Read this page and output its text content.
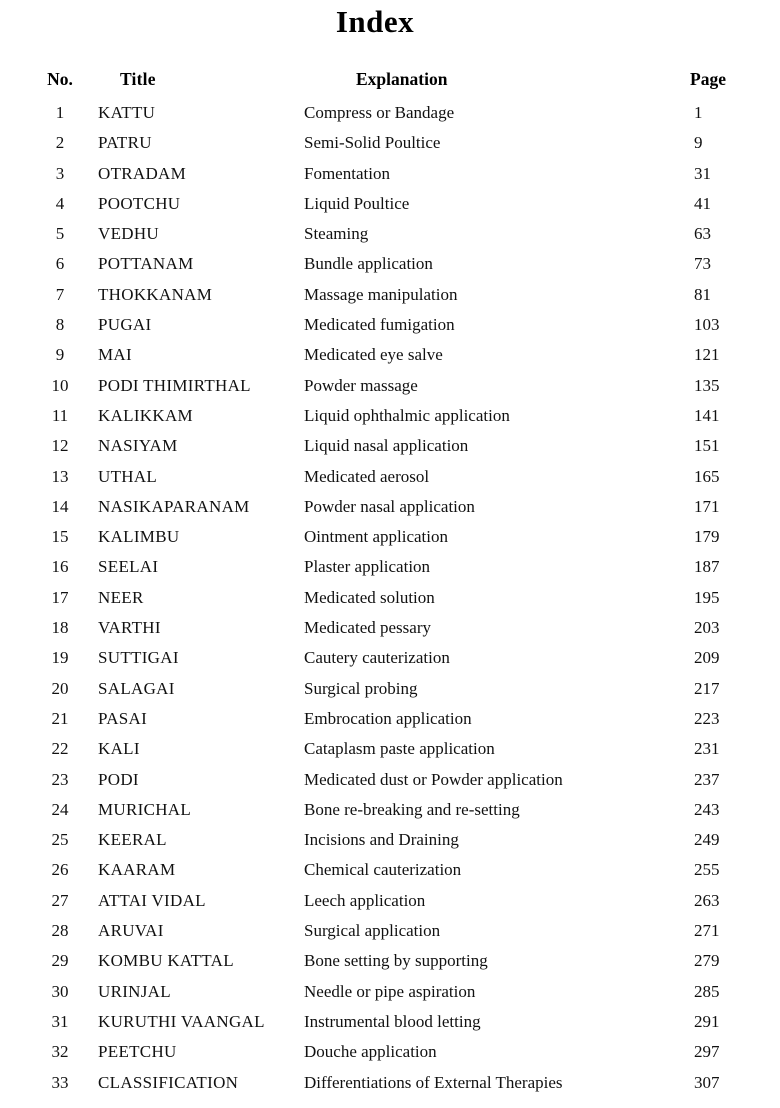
Index
No.	Title	Explanation	Page
1	KATTU	Compress or Bandage	1
2	PATRU	Semi-Solid Poultice	9
3	OTRADAM	Fomentation	31
4	POOTCHU	Liquid Poultice	41
5	VEDHU	Steaming	63
6	POTTANAM	Bundle application	73
7	THOKKANAM	Massage manipulation	81
8	PUGAI	Medicated fumigation	103
9	MAI	Medicated eye salve	121
10	PODI THIMIRTHAL	Powder massage	135
11	KALIKKAM	Liquid ophthalmic application	141
12	NASIYAM	Liquid nasal application	151
13	UTHAL	Medicated aerosol	165
14	NASIKAPARANAM	Powder nasal application	171
15	KALIMBU	Ointment application	179
16	SEELAI	Plaster application	187
17	NEER	Medicated solution	195
18	VARTHI	Medicated pessary	203
19	SUTTIGAI	Cautery cauterization	209
20	SALAGAI	Surgical probing	217
21	PASAI	Embrocation application	223
22	KALI	Cataplasm paste application	231
23	PODI	Medicated dust or Powder application	237
24	MURICHAL	Bone re-breaking and re-setting	243
25	KEERAL	Incisions and Draining	249
26	KAARAM	Chemical cauterization	255
27	ATTAI VIDAL	Leech application	263
28	ARUVAI	Surgical application	271
29	KOMBU KATTAL	Bone setting by supporting	279
30	URINJAL	Needle or pipe aspiration	285
31	KURUTHI VAANGAL	Instrumental blood letting	291
32	PEETCHU	Douche application	297
33	CLASSIFICATION	Differentiations of External Therapies	307
